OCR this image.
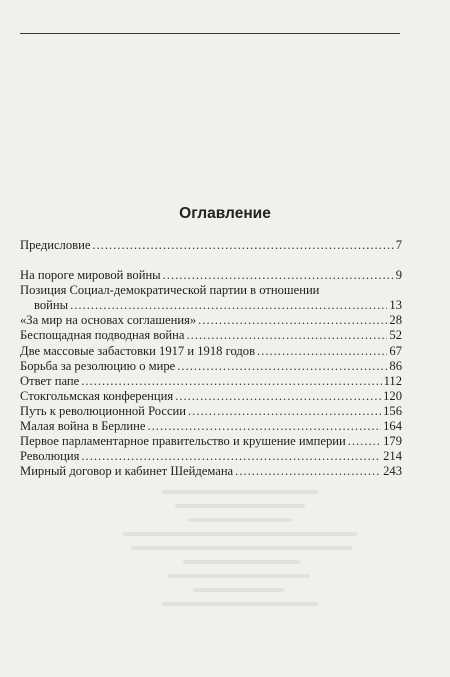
Оглавление
Предисловие .....	7
На пороге мировой войны .....	9
Позиция Социал-демократической партии в отношении
войны .....	13
«За мир на основах соглашения» .....	28
Беспощадная подводная война .....	52
Две массовые забастовки 1917 и 1918 годов .....	67
Борьба за резолюцию о мире .....	86
Ответ папе .....	112
Стокгольмская конференция .....	120
Путь к революционной России .....	156
Малая война в Берлине .....	164
Первое парламентарное правительство и крушение империи .....	179
Революция .....	214
Мирный договор и кабинет Шейдемана .....	243
